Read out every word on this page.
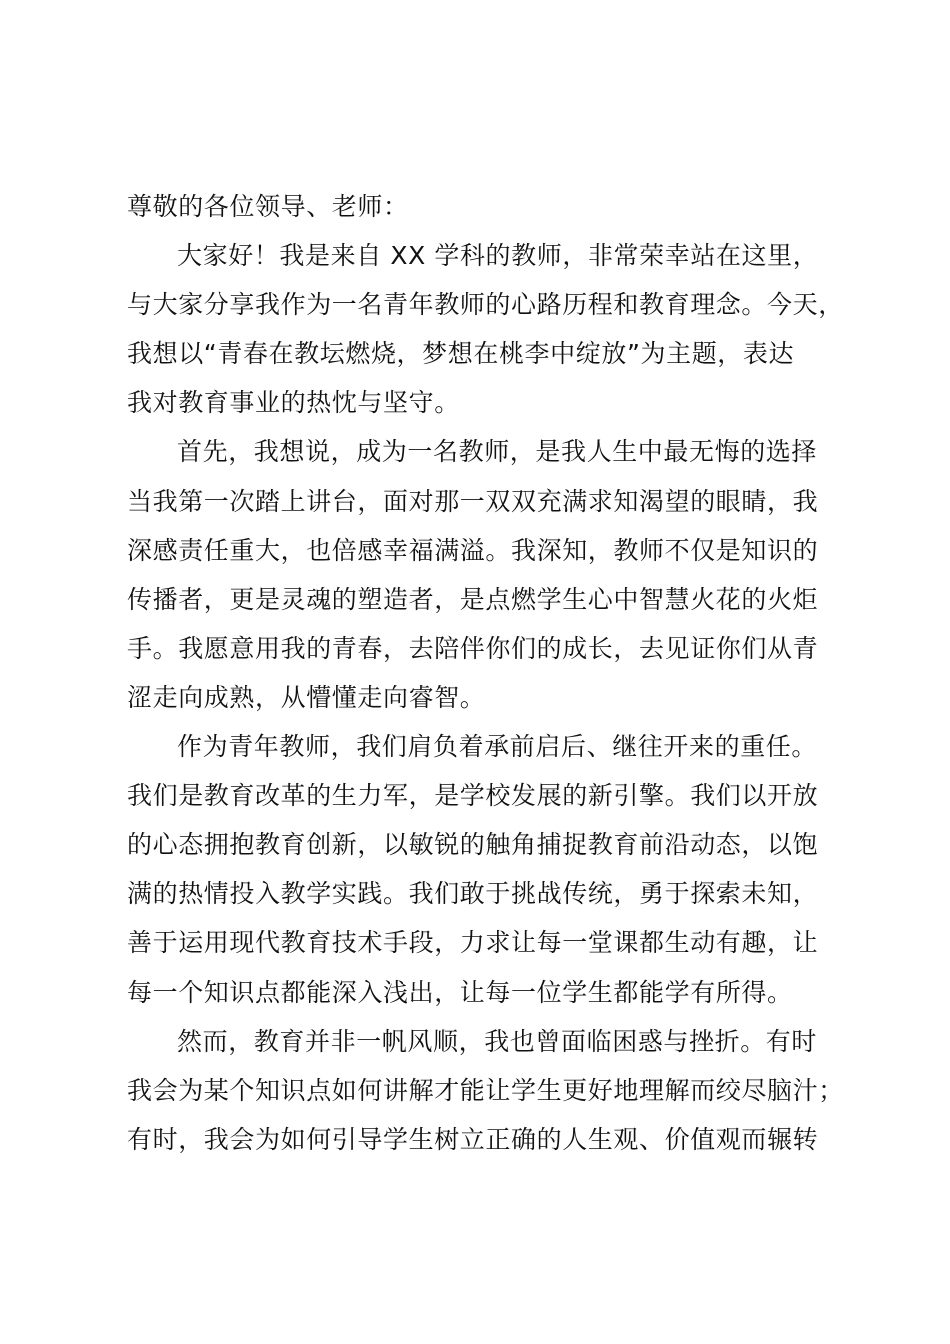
尊敬的各位领导、老师：
大家好！我是来自 XX 学科的教师，非常荣幸站在这里，
与大家分享我作为一名青年教师的心路历程和教育理念。今天，
我想以“青春在教坛燃烧，梦想在桃李中绽放”为主题，表达
我对教育事业的热忱与坚守。
首先，我想说，成为一名教师，是我人生中最无悔的选择
当我第一次踏上讲台，面对那一双双充满求知渴望的眼睛，我
深感责任重大，也倍感幸福满溢。我深知，教师不仅是知识的
传播者，更是灵魂的塑造者，是点燃学生心中智慧火花的火炬
手。我愿意用我的青春，去陪伴你们的成长，去见证你们从青
涩走向成熟，从懵懂走向睿智。
作为青年教师，我们肩负着承前启后、继往开来的重任。
我们是教育改革的生力军，是学校发展的新引擎。我们以开放
的心态拥抱教育创新，以敏锐的触角捕捉教育前沿动态，以饱
满的热情投入教学实践。我们敢于挑战传统，勇于探索未知，
善于运用现代教育技术手段，力求让每一堂课都生动有趣，让
每一个知识点都能深入浅出，让每一位学生都能学有所得。
然而，教育并非一帆风顺，我也曾面临困惑与挫折。有时
我会为某个知识点如何讲解才能让学生更好地理解而绞尽脑汁；
有时，我会为如何引导学生树立正确的人生观、价值观而辗转
